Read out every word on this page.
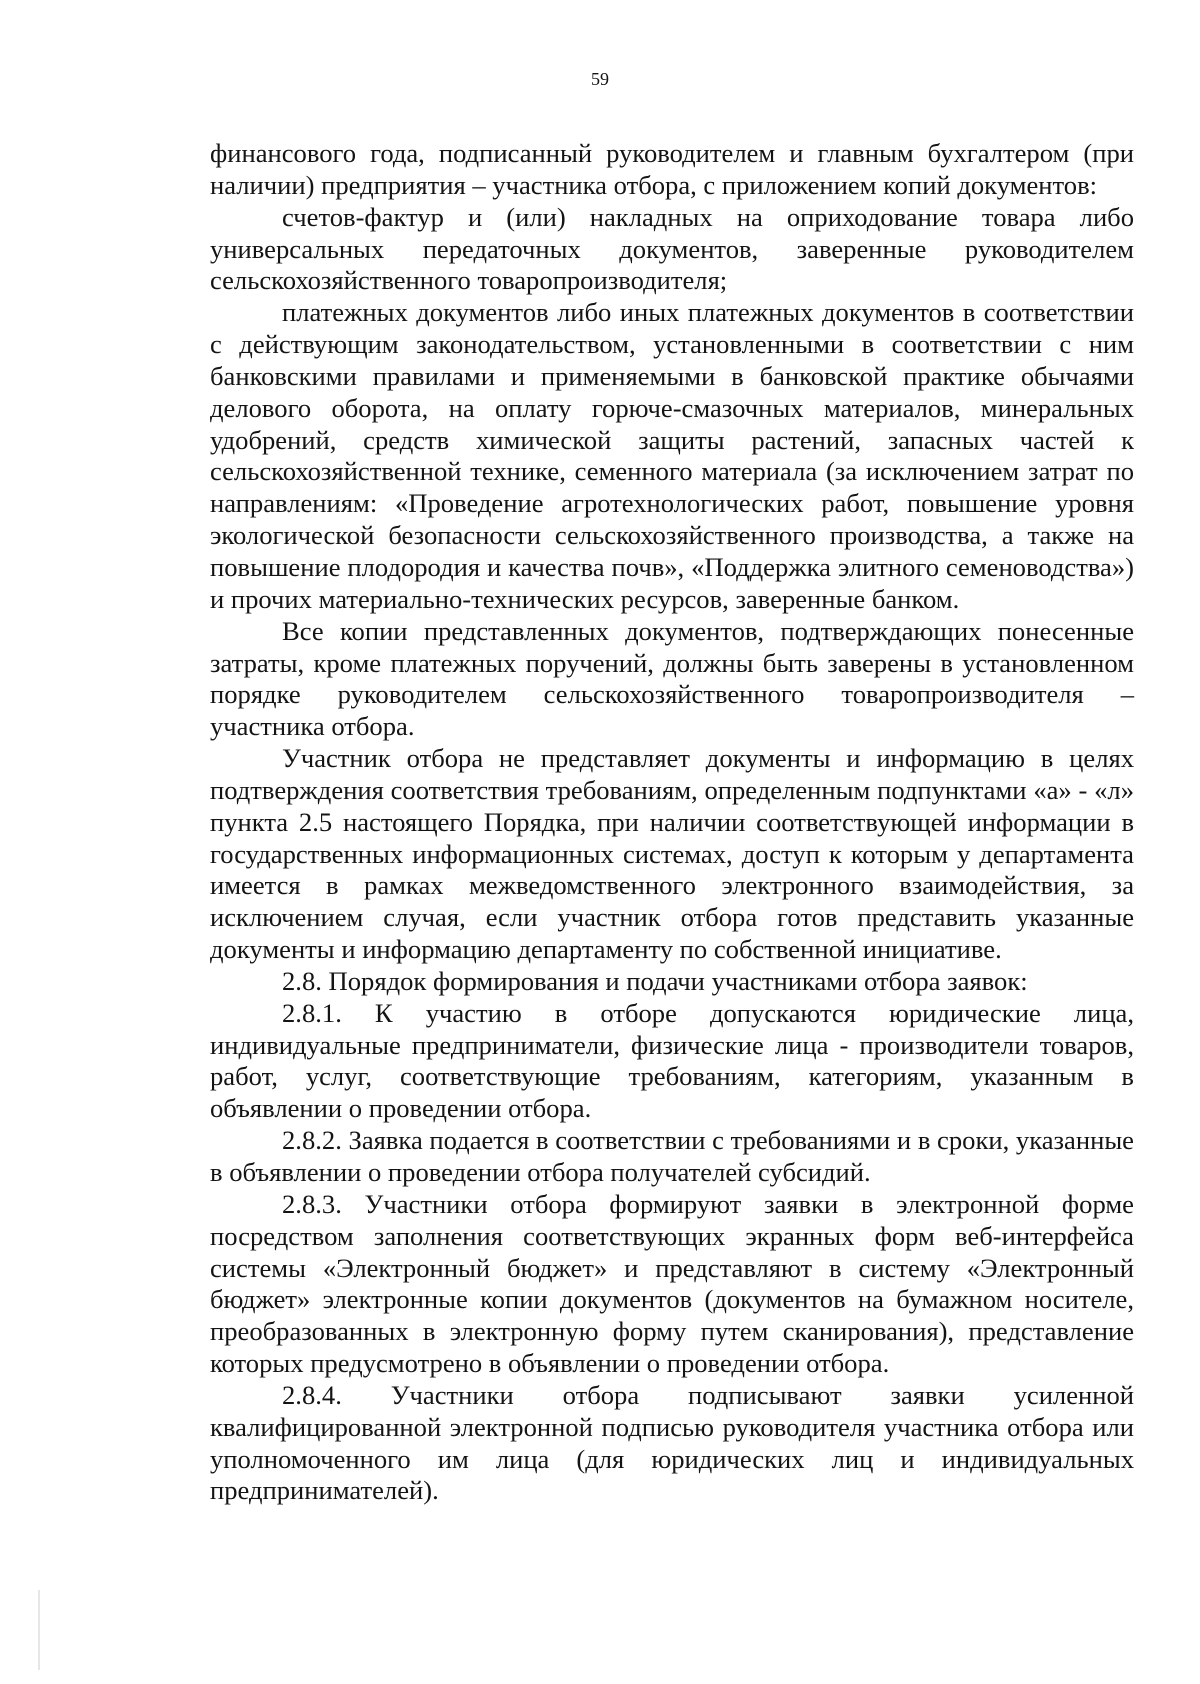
59

финансового года, подписанный руководителем и главным бухгалтером (при наличии) предприятия – участника отбора, с приложением копий документов:

счетов-фактур и (или) накладных на оприходование товара либо универсальных передаточных документов, заверенные руководителем сельскохозяйственного товаропроизводителя;

платежных документов либо иных платежных документов в соответствии с действующим законодательством, установленными в соответствии с ним банковскими правилами и применяемыми в банковской практике обычаями делового оборота, на оплату горюче-смазочных материалов, минеральных удобрений, средств химической защиты растений, запасных частей к сельскохозяйственной технике, семенного материала (за исключением затрат по направлениям: «Проведение агротехнологических работ, повышение уровня экологической безопасности сельскохозяйственного производства, а также на повышение плодородия и качества почв», «Поддержка элитного семеноводства») и прочих материально-технических ресурсов, заверенные банком.

Все копии представленных документов, подтверждающих понесенные затраты, кроме платежных поручений, должны быть заверены в установленном порядке руководителем сельскохозяйственного товаропроизводителя – участника отбора.

Участник отбора не представляет документы и информацию в целях подтверждения соответствия требованиям, определенным подпунктами «а» - «л» пункта 2.5 настоящего Порядка, при наличии соответствующей информации в государственных информационных системах, доступ к которым у департамента имеется в рамках межведомственного электронного взаимодействия, за исключением случая, если участник отбора готов представить указанные документы и информацию департаменту по собственной инициативе.

2.8. Порядок формирования и подачи участниками отбора заявок:

2.8.1. К участию в отборе допускаются юридические лица, индивидуальные предприниматели, физические лица - производители товаров, работ, услуг, соответствующие требованиям, категориям, указанным в объявлении о проведении отбора.

2.8.2. Заявка подается в соответствии с требованиями и в сроки, указанные в объявлении о проведении отбора получателей субсидий.

2.8.3. Участники отбора формируют заявки в электронной форме посредством заполнения соответствующих экранных форм веб-интерфейса системы «Электронный бюджет» и представляют в систему «Электронный бюджет» электронные копии документов (документов на бумажном носителе, преобразованных в электронную форму путем сканирования), представление которых предусмотрено в объявлении о проведении отбора.

2.8.4. Участники отбора подписывают заявки усиленной квалифицированной электронной подписью руководителя участника отбора или уполномоченного им лица (для юридических лиц и индивидуальных предпринимателей).
